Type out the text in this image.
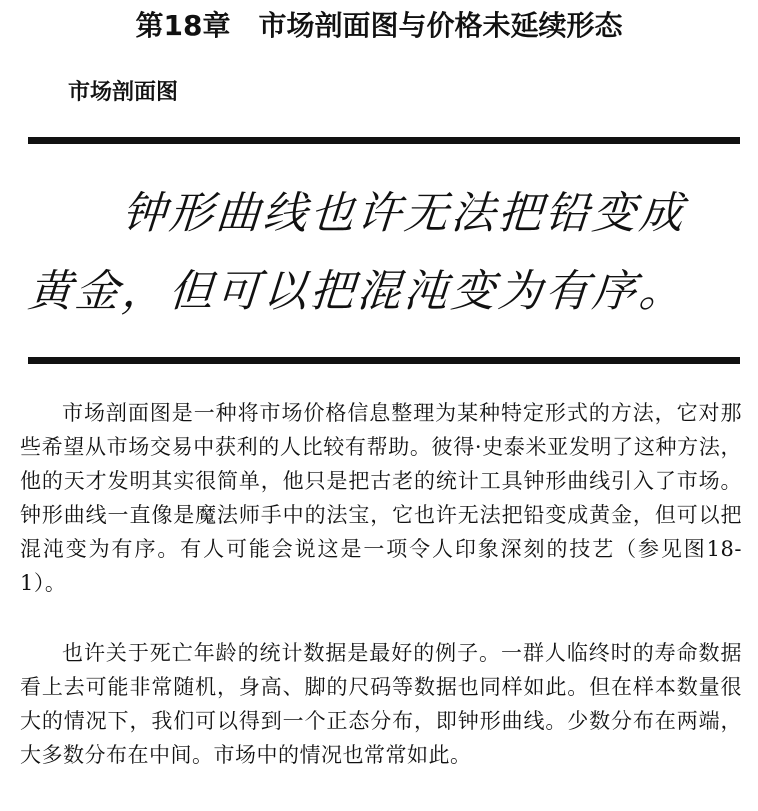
第18章　市场剖面图与价格未延续形态
市场剖面图
钟形曲线也许无法把铅变成
黄金，但可以把混沌变为有序。

市场剖面图是一种将市场价格信息整理为某种特定形式的方法，它对那些希望从市场交易中获利的人比较有帮助。彼得·史泰米亚发明了这种方法，他的天才发明其实很简单，他只是把古老的统计工具钟形曲线引入了市场。钟形曲线一直像是魔法师手中的法宝，它也许无法把铅变成黄金，但可以把混沌变为有序。有人可能会说这是一项令人印象深刻的技艺（参见图18-1）。

也许关于死亡年龄的统计数据是最好的例子。一群人临终时的寿命数据看上去可能非常随机，身高、脚的尺码等数据也同样如此。但在样本数量很大的情况下，我们可以得到一个正态分布，即钟形曲线。少数分布在两端，大多数分布在中间。市场中的情况也常常如此。
